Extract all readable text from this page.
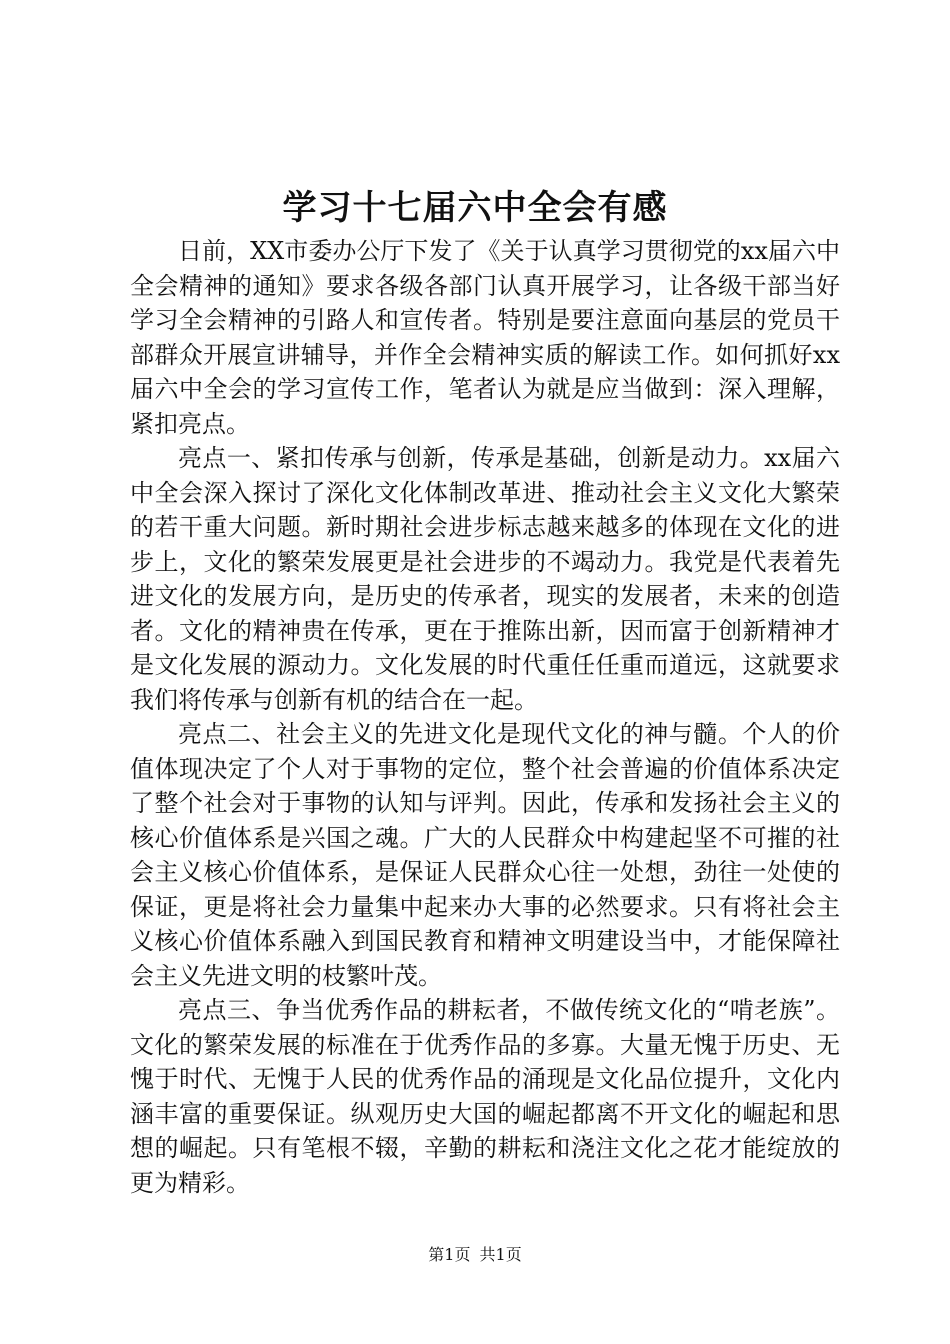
学习十七届六中全会有感

日前，XX市委办公厅下发了《关于认真学习贯彻党的xx届六中全会精神的通知》要求各级各部门认真开展学习，让各级干部当好学习全会精神的引路人和宣传者。特别是要注意面向基层的党员干部群众开展宣讲辅导，并作全会精神实质的解读工作。如何抓好xx届六中全会的学习宣传工作，笔者认为就是应当做到：深入理解，紧扣亮点。

亮点一、紧扣传承与创新，传承是基础，创新是动力。xx届六中全会深入探讨了深化文化体制改革进、推动社会主义文化大繁荣的若干重大问题。新时期社会进步标志越来越多的体现在文化的进步上，文化的繁荣发展更是社会进步的不竭动力。我党是代表着先进文化的发展方向，是历史的传承者，现实的发展者，未来的创造者。文化的精神贵在传承，更在于推陈出新，因而富于创新精神才是文化发展的源动力。文化发展的时代重任任重而道远，这就要求我们将传承与创新有机的结合在一起。

亮点二、社会主义的先进文化是现代文化的神与髓。个人的价值体现决定了个人对于事物的定位，整个社会普遍的价值体系决定了整个社会对于事物的认知与评判。因此，传承和发扬社会主义的核心价值体系是兴国之魂。广大的人民群众中构建起坚不可摧的社会主义核心价值体系，是保证人民群众心往一处想，劲往一处使的保证，更是将社会力量集中起来办大事的必然要求。只有将社会主义核心价值体系融入到国民教育和精神文明建设当中，才能保障社会主义先进文明的枝繁叶茂。

亮点三、争当优秀作品的耕耘者，不做传统文化的“啃老族”。文化的繁荣发展的标准在于优秀作品的多寡。大量无愧于历史、无愧于时代、无愧于人民的优秀作品的涌现是文化品位提升，文化内涵丰富的重要保证。纵观历史大国的崛起都离不开文化的崛起和思想的崛起。只有笔根不辍，辛勤的耕耘和浇注文化之花才能绽放的更为精彩。

第1页 共1页
